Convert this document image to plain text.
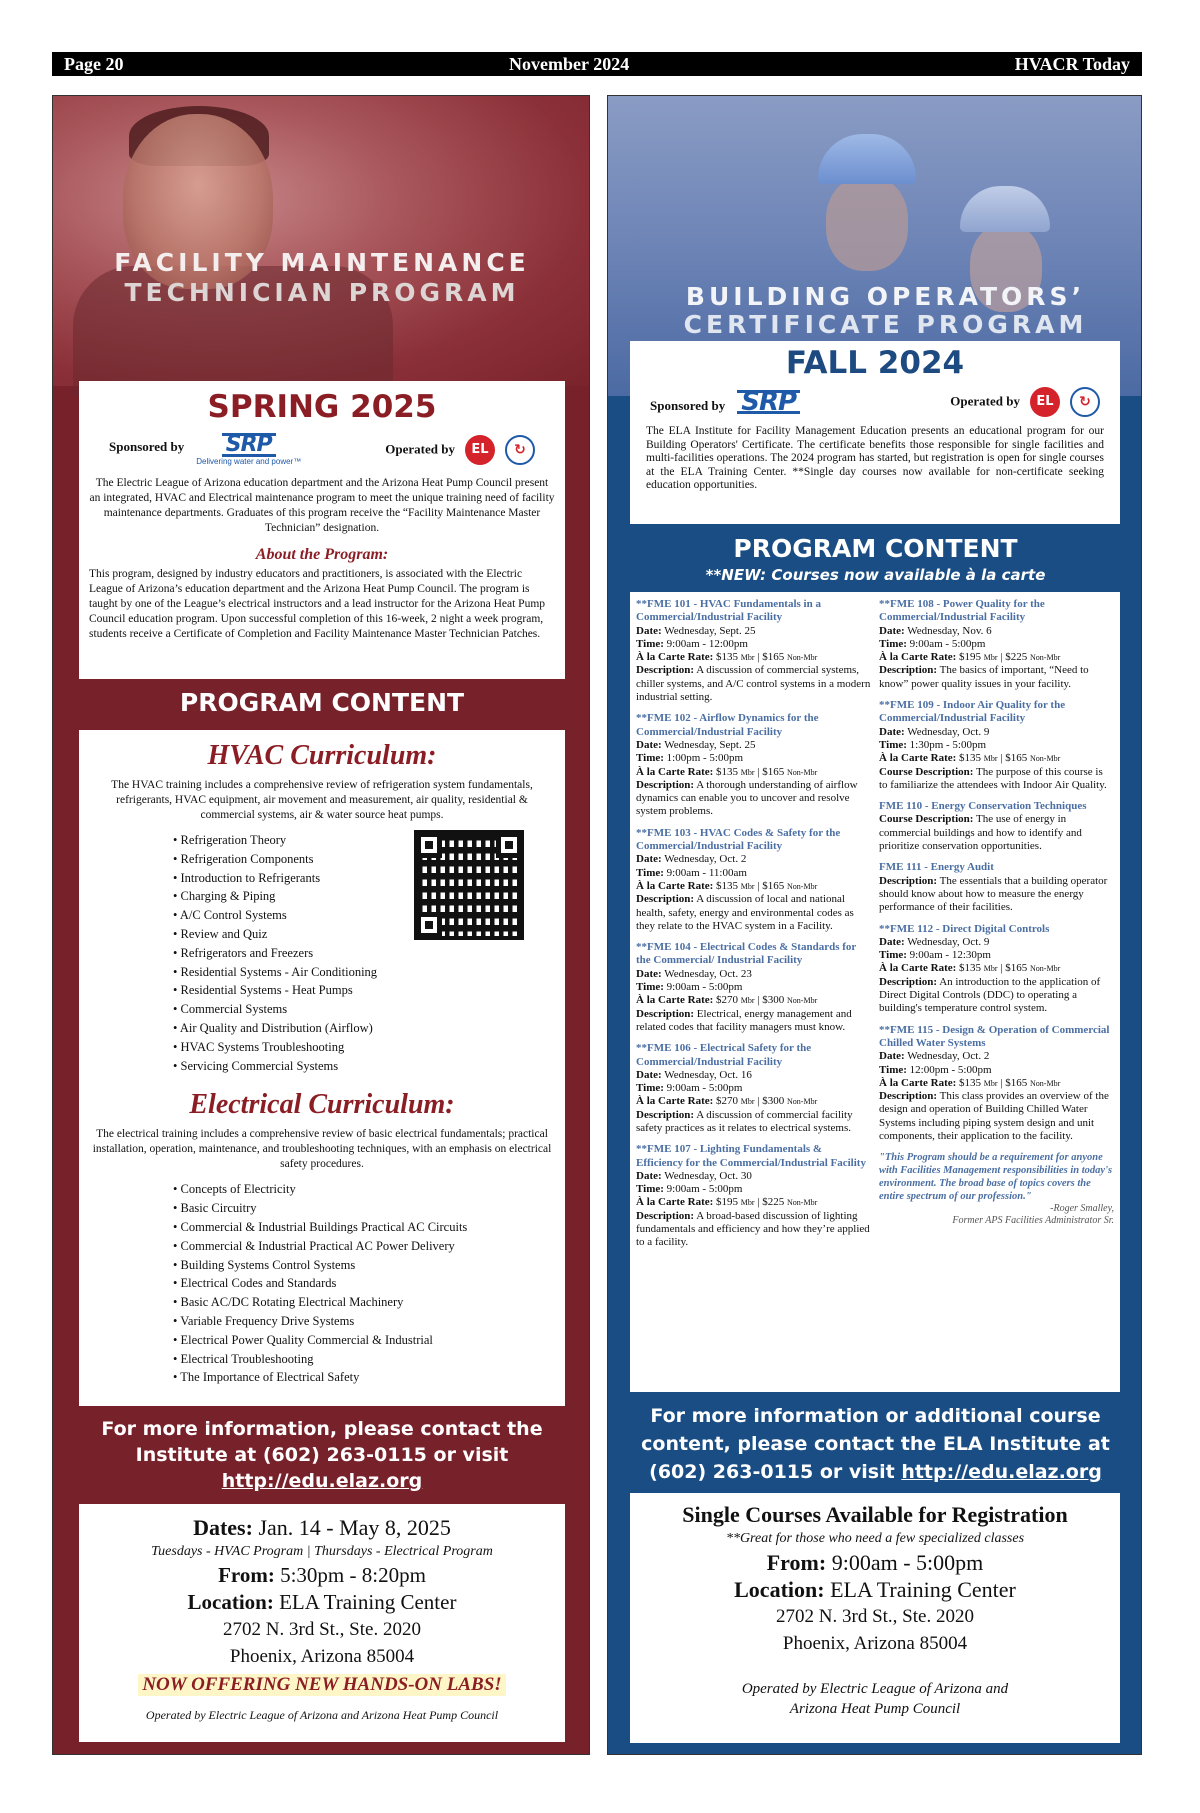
Page 20	November 2024	HVACR Today
FACILITY MAINTENANCE
TECHNICIAN PROGRAM
SPRING 2025
Sponsored by SRP
Delivering water and power™
Operated by EL ↻
The Electric League of Arizona education department and the Arizona Heat Pump Council present an integrated, HVAC and Electrical maintenance program to meet the unique training need of facility maintenance departments. Graduates of this program receive the “Facility Maintenance Master Technician” designation.
About the Program:
This program, designed by industry educators and practitioners, is associated with the Electric League of Arizona’s education department and the Arizona Heat Pump Council. The program is taught by one of the League’s electrical instructors and a lead instructor for the Arizona Heat Pump Council education program. Upon successful completion of this 16-week, 2 night a week program, students receive a Certificate of Completion and Facility Maintenance Master Technician Patches.
PROGRAM CONTENT
HVAC Curriculum:
The HVAC training includes a comprehensive review of refrigeration system fundamentals, refrigerants, HVAC equipment, air movement and measurement, air quality, residential & commercial systems, air & water source heat pumps.
• Refrigeration Theory
• Refrigeration Components
• Introduction to Refrigerants
• Charging & Piping
• A/C Control Systems
• Review and Quiz
• Refrigerators and Freezers
• Residential Systems - Air Conditioning
• Residential Systems - Heat Pumps
• Commercial Systems
• Air Quality and Distribution (Airflow)
• HVAC Systems Troubleshooting
• Servicing Commercial Systems
Electrical Curriculum:
The electrical training includes a comprehensive review of basic electrical fundamentals; practical installation, operation, maintenance, and troubleshooting techniques, with an emphasis on electrical safety procedures.
• Concepts of Electricity
• Basic Circuitry
• Commercial & Industrial Buildings Practical AC Circuits
• Commercial & Industrial Practical AC Power Delivery
• Building Systems Control Systems
• Electrical Codes and Standards
• Basic AC/DC Rotating Electrical Machinery
• Variable Frequency Drive Systems
• Electrical Power Quality Commercial & Industrial
• Electrical Troubleshooting
• The Importance of Electrical Safety
For more information, please contact the
Institute at (602) 263-0115 or visit
http://edu.elaz.org
Dates: Jan. 14 - May 8, 2025
Tuesdays - HVAC Program | Thursdays - Electrical Program
From: 5:30pm - 8:20pm
Location: ELA Training Center
2702 N. 3rd St., Ste. 2020
Phoenix, Arizona 85004
NOW OFFERING NEW HANDS-ON LABS!
Operated by Electric League of Arizona and Arizona Heat Pump Council
BUILDING OPERATORS’
CERTIFICATE PROGRAM
FALL 2024
Sponsored by SRP	Operated by EL ↻
The ELA Institute for Facility Management Education presents an educational program for our Building Operators' Certificate. The certificate benefits those responsible for single facilities and multi-facilities operations. The 2024 program has started, but registration is open for single courses at the ELA Training Center. **Single day courses now available for non-certificate seeking education opportunities.
PROGRAM CONTENT
**NEW: Courses now available à la carte
**FME 101 - HVAC Fundamentals in a Commercial/Industrial Facility
Date: Wednesday, Sept. 25
Time: 9:00am - 12:00pm
À la Carte Rate: $135 Mbr | $165 Non-Mbr
Description: A discussion of commercial systems, chiller systems, and A/C control systems in a modern industrial setting.
**FME 102 - Airflow Dynamics for the Commercial/Industrial Facility
Date: Wednesday, Sept. 25
Time: 1:00pm - 5:00pm
À la Carte Rate: $135 Mbr | $165 Non-Mbr
Description: A thorough understanding of airflow dynamics can enable you to uncover and resolve system problems.
**FME 103 - HVAC Codes & Safety for the Commercial/Industrial Facility
Date: Wednesday, Oct. 2
Time: 9:00am - 11:00am
À la Carte Rate: $135 Mbr | $165 Non-Mbr
Description: A discussion of local and national health, safety, energy and environmental codes as they relate to the HVAC system in a Facility.
**FME 104 - Electrical Codes & Standards for the Commercial/ Industrial Facility
Date: Wednesday, Oct. 23
Time: 9:00am - 5:00pm
À la Carte Rate: $270 Mbr | $300 Non-Mbr
Description: Electrical, energy management and related codes that facility managers must know.
**FME 106 - Electrical Safety for the Commercial/Industrial Facility
Date: Wednesday, Oct. 16
Time: 9:00am - 5:00pm
À la Carte Rate: $270 Mbr | $300 Non-Mbr
Description: A discussion of commercial facility safety practices as it relates to electrical systems.
**FME 107 - Lighting Fundamentals & Efficiency for the Commercial/Industrial Facility
Date: Wednesday, Oct. 30
Time: 9:00am - 5:00pm
À la Carte Rate: $195 Mbr | $225 Non-Mbr
Description: A broad-based discussion of lighting fundamentals and efficiency and how they’re applied to a facility.
**FME 108 - Power Quality for the Commercial/Industrial Facility
Date: Wednesday, Nov. 6
Time: 9:00am - 5:00pm
À la Carte Rate: $195 Mbr | $225 Non-Mbr
Description: The basics of important, “Need to know” power quality issues in your facility.
**FME 109 - Indoor Air Quality for the Commercial/Industrial Facility
Date: Wednesday, Oct. 9
Time: 1:30pm - 5:00pm
À la Carte Rate: $135 Mbr | $165 Non-Mbr
Course Description: The purpose of this course is to familiarize the attendees with Indoor Air Quality.
FME 110 - Energy Conservation Techniques
Course Description: The use of energy in commercial buildings and how to identify and prioritize conservation opportunities.
FME 111 - Energy Audit
Description: The essentials that a building operator should know about how to measure the energy performance of their facilities.
**FME 112 - Direct Digital Controls
Date: Wednesday, Oct. 9
Time: 9:00am - 12:30pm
À la Carte Rate: $135 Mbr | $165 Non-Mbr
Description: An introduction to the application of Direct Digital Controls (DDC) to operating a building's temperature control system.
**FME 115 - Design & Operation of Commercial Chilled Water Systems
Date: Wednesday, Oct. 2
Time: 12:00pm - 5:00pm
À la Carte Rate: $135 Mbr | $165 Non-Mbr
Description: This class provides an overview of the design and operation of Building Chilled Water Systems including piping system design and unit components, their application to the facility.
"This Program should be a requirement for anyone with Facilities Management responsibilities in today's environment. The broad base of topics covers the entire spectrum of our profession."
-Roger Smalley,
Former APS Facilities Administrator Sr.
For more information or additional course
content, please contact the ELA Institute at
(602) 263-0115 or visit http://edu.elaz.org
Single Courses Available for Registration
**Great for those who need a few specialized classes
From: 9:00am - 5:00pm
Location: ELA Training Center
2702 N. 3rd St., Ste. 2020
Phoenix, Arizona 85004
Operated by Electric League of Arizona and
Arizona Heat Pump Council
